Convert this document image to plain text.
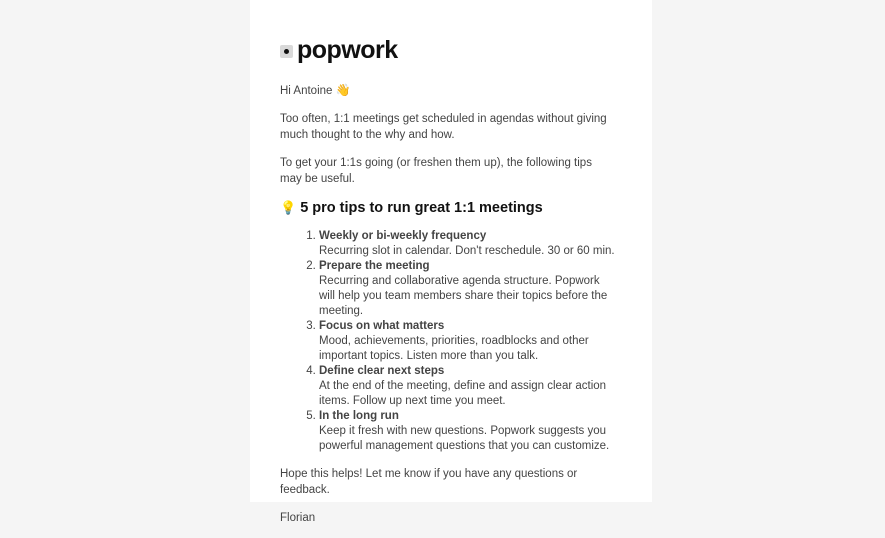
popwork

Hi Antoine 👋

Too often, 1:1 meetings get scheduled in agendas without giving much thought to the why and how.

To get your 1:1s going (or freshen them up), the following tips may be useful.

💡 5 pro tips to run great 1:1 meetings
1. Weekly or bi-weekly frequency
Recurring slot in calendar. Don't reschedule. 30 or 60 min.
2. Prepare the meeting
Recurring and collaborative agenda structure. Popwork will help you team members share their topics before the meeting.
3. Focus on what matters
Mood, achievements, priorities, roadblocks and other important topics. Listen more than you talk.
4. Define clear next steps
At the end of the meeting, define and assign clear action items. Follow up next time you meet.
5. In the long run
Keep it fresh with new questions. Popwork suggests you powerful management questions that you can customize.

Hope this helps! Let me know if you have any questions or feedback.

Florian
